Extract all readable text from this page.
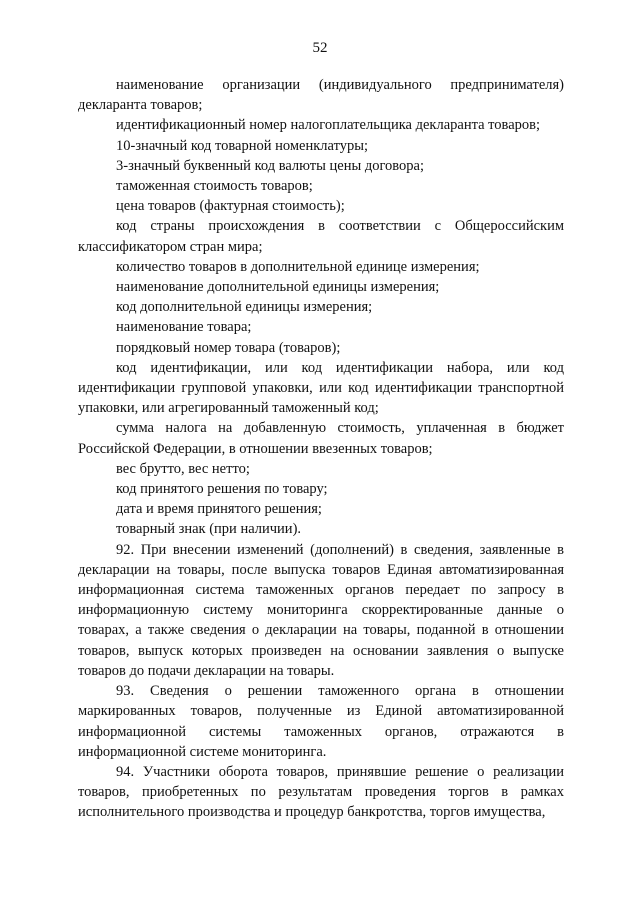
52

наименование организации (индивидуального предпринимателя) декларанта товаров;

идентификационный номер налогоплательщика декларанта товаров;

10-значный код товарной номенклатуры;

3-значный буквенный код валюты цены договора;

таможенная стоимость товаров;

цена товаров (фактурная стоимость);

код страны происхождения в соответствии с Общероссийским классификатором стран мира;

количество товаров в дополнительной единице измерения;

наименование дополнительной единицы измерения;

код дополнительной единицы измерения;

наименование товара;

порядковый номер товара (товаров);

код идентификации, или код идентификации набора, или код идентификации групповой упаковки, или код идентификации транспортной упаковки, или агрегированный таможенный код;

сумма налога на добавленную стоимость, уплаченная в бюджет Российской Федерации, в отношении ввезенных товаров;

вес брутто, вес нетто;

код принятого решения по товару;

дата и время принятого решения;

товарный знак (при наличии).

92. При внесении изменений (дополнений) в сведения, заявленные в декларации на товары, после выпуска товаров Единая автоматизированная информационная система таможенных органов передает по запросу в информационную систему мониторинга скорректированные данные о товарах, а также сведения о декларации на товары, поданной в отношении товаров, выпуск которых произведен на основании заявления о выпуске товаров до подачи декларации на товары.

93. Сведения о решении таможенного органа в отношении маркированных товаров, полученные из Единой автоматизированной информационной системы таможенных органов, отражаются в информационной системе мониторинга.

94. Участники оборота товаров, принявшие решение о реализации товаров, приобретенных по результатам проведения торгов в рамках исполнительного производства и процедур банкротства, торгов имущества,
